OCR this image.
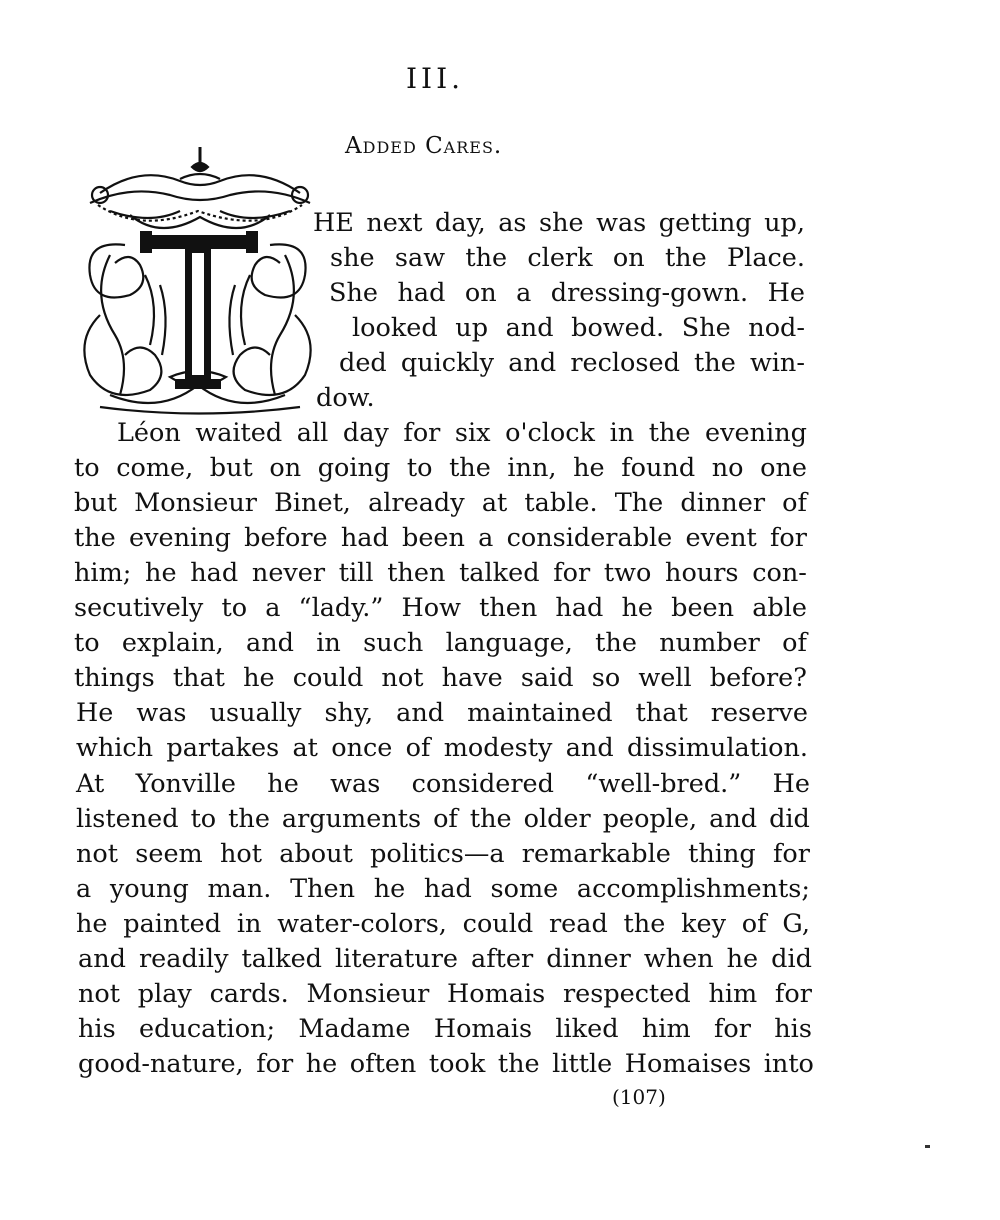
III.
Added Cares.
HE next day, as she was getting up,
she saw the clerk on the Place.
She had on a dressing-gown. He
looked up and bowed. She nod-
ded quickly and reclosed the win-
dow.
Léon waited all day for six o'clock in the evening
to come, but on going to the inn, he found no one
but Monsieur Binet, already at table. The dinner of
the evening before had been a considerable event for
him; he had never till then talked for two hours con-
secutively to a “lady.” How then had he been able
to explain, and in such language, the number of
things that he could not have said so well before?
He was usually shy, and maintained that reserve
which partakes at once of modesty and dissimulation.
At Yonville he was considered “well-bred.” He
listened to the arguments of the older people, and did
not seem hot about politics—a remarkable thing for
a young man. Then he had some accomplishments;
he painted in water-colors, could read the key of G,
and readily talked literature after dinner when he did
not play cards. Monsieur Homais respected him for
his education; Madame Homais liked him for his
good-nature, for he often took the little Homaises into
(107)
